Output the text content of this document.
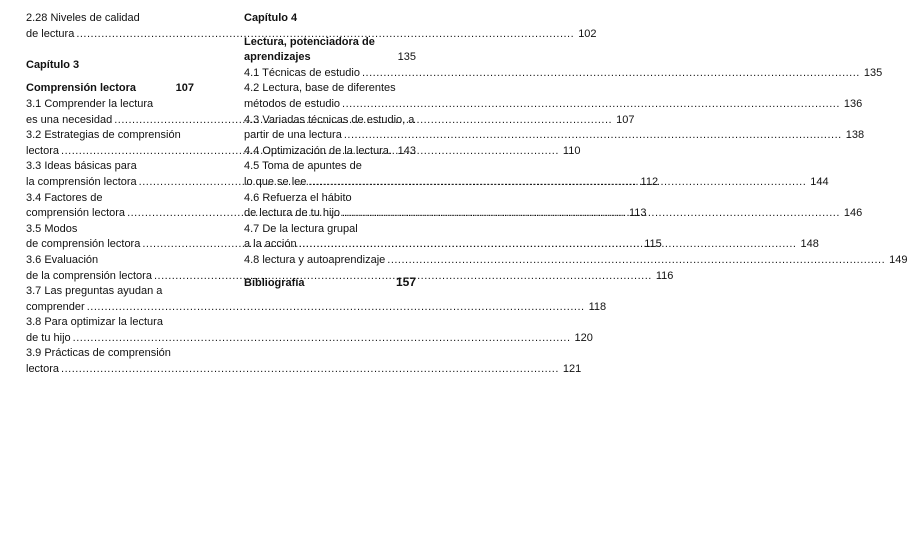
2.28 Niveles de calidad
de lectura .....	102
Capítulo 3
Comprensión lectora	107
3.1 Comprender la lectura
es una necesidad .....	107
3.2 Estrategias de comprensión
lectora .....	110
3.3 Ideas básicas para
la comprensión lectora .....	112
3.4 Factores de
comprensión lectora .....	113
3.5 Modos
de comprensión lectora .....	115
3.6 Evaluación
de la comprensión lectora .....	116
3.7 Las preguntas ayudan a
comprender .....	118
3.8 Para optimizar la lectura
de tu hijo .....	120
3.9 Prácticas de comprensión
lectora .....	121
Capítulo 4
Lectura, potenciadora de
aprendizajes	135
4.1 Técnicas de estudio .....	135
4.2 Lectura, base de diferentes
métodos de estudio .....	136
4.3 Variadas técnicas de estudio, a
partir de una lectura .....	138
4.4 Optimización de la lectura. 143
4.5 Toma de apuntes de
lo que se lee .....	144
4.6 Refuerza el hábito
de lectura de tu hijo .....	146
4.7 De la lectura grupal
a la acción .....	148
4.8 lectura y autoaprendizaje .....	149
Bibliografía	157
